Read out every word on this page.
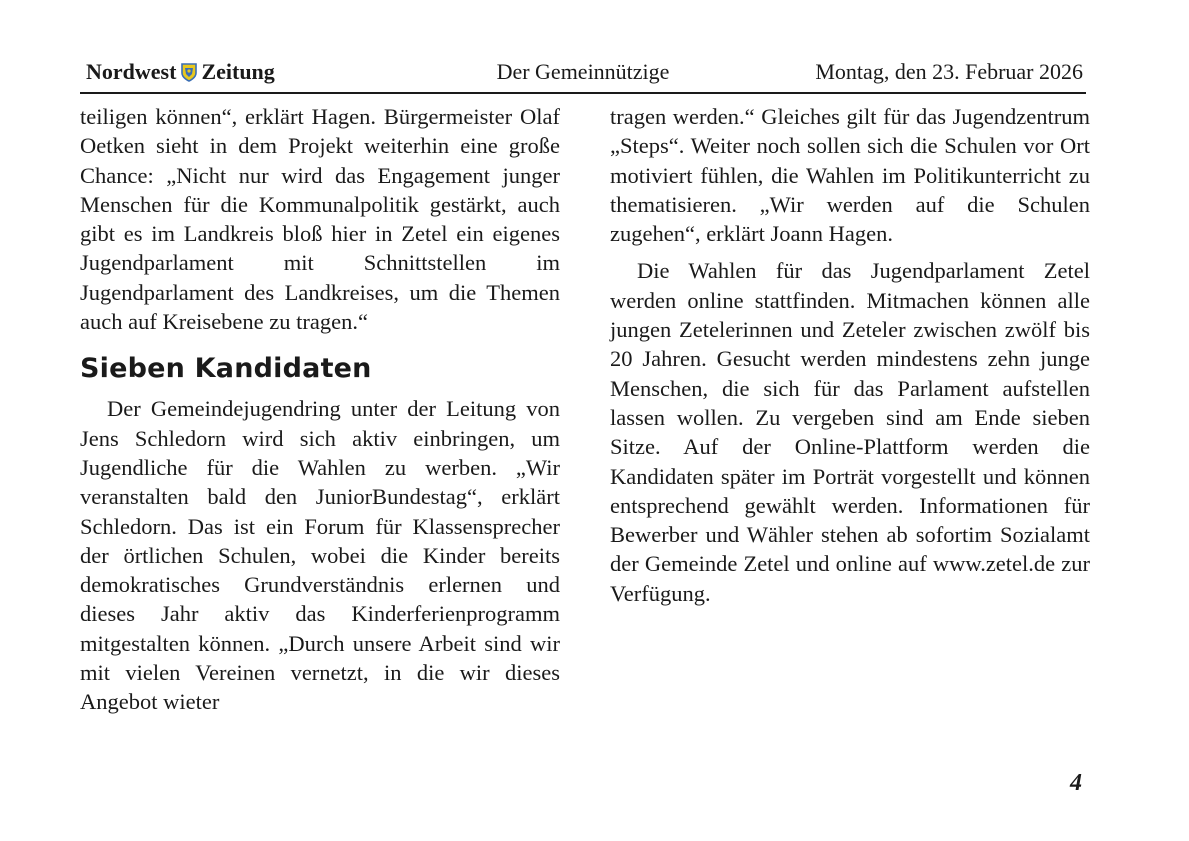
Nordwest Zeitung	Der Gemeinnützige	Montag, den 23. Februar 2026

teiligen können“, erklärt Hagen. Bürgermeister Olaf Oetken sieht in dem Projekt weiterhin eine große Chance: „Nicht nur wird das Engagement junger Menschen für die Kommunalpolitik gestärkt, auch gibt es im Landkreis bloß hier in Zetel ein eigenes Jugendparlament mit Schnittstellen im Jugendparlament des Landkreises, um die Themen auch auf Kreisebene zu tragen.“

Sieben Kandidaten

Der Gemeindejugendring unter der Leitung von Jens Schledorn wird sich aktiv einbringen, um Jugendliche für die Wahlen zu werben. „Wir veranstalten bald den JuniorBundestag“, erklärt Schledorn. Das ist ein Forum für Klassensprecher der örtlichen Schulen, wobei die Kinder bereits demokratisches Grundverständnis erlernen und dieses Jahr aktiv das Kinderferienprogramm mitgestalten können. „Durch unsere Arbeit sind wir mit vielen Vereinen vernetzt, in die wir dieses Angebot wieter

tragen werden.“ Gleiches gilt für das Jugendzentrum „Steps“. Weiter noch sollen sich die Schulen vor Ort motiviert fühlen, die Wahlen im Politikunterricht zu thematisieren. „Wir werden auf die Schulen zugehen“, erklärt Joann Hagen.

Die Wahlen für das Jugendparlament Zetel werden online stattfinden. Mitmachen können alle jungen Zetelerinnen und Zeteler zwischen zwölf bis 20 Jahren. Gesucht werden mindestens zehn junge Menschen, die sich für das Parlament aufstellen lassen wollen. Zu vergeben sind am Ende sieben Sitze. Auf der Online-Plattform werden die Kandidaten später im Porträt vorgestellt und können entsprechend gewählt werden. Informationen für Bewerber und Wähler stehen ab sofortim Sozialamt der Gemeinde Zetel und online auf www.zetel.de zur Verfügung.

4
